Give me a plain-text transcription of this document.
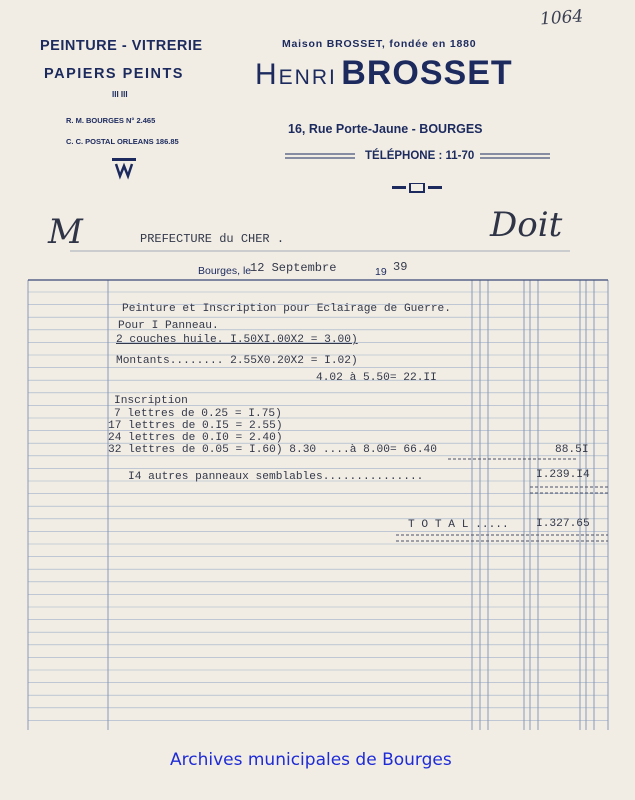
1064
PEINTURE - VITRERIE
PAPIERS PEINTS
III III
R. M. BOURGES N° 2.465
C. C. POSTAL ORLEANS 186.85
Maison BROSSET, fondée en 1880
Henri BROSSET
16, Rue Porte-Jaune - BOURGES
TÉLÉPHONE : 11-70
M	PREFECTURE du CHER .	Doit
Bourges, le
12 Septembre	19 39
Peinture et Inscription pour Eclairage de Guerre.
Pour I Panneau.
2 couches huile. I.50XI.00X2 = 3.00)
Montants........ 2.55X0.20X2 = I.02)
4.02 à 5.50= 22.II
Inscription
7 lettres de 0.25 = I.75)
17 lettres de 0.I5 = 2.55)
24 lettres de 0.I0 = 2.40)
32 lettres de 0.05 = I.60) 8.30 ....à 8.00= 66.40	88.5I
I4 autres panneaux semblables...............	I.239.I4
T O T A L ..... I.327.65
Archives municipales de Bourges
